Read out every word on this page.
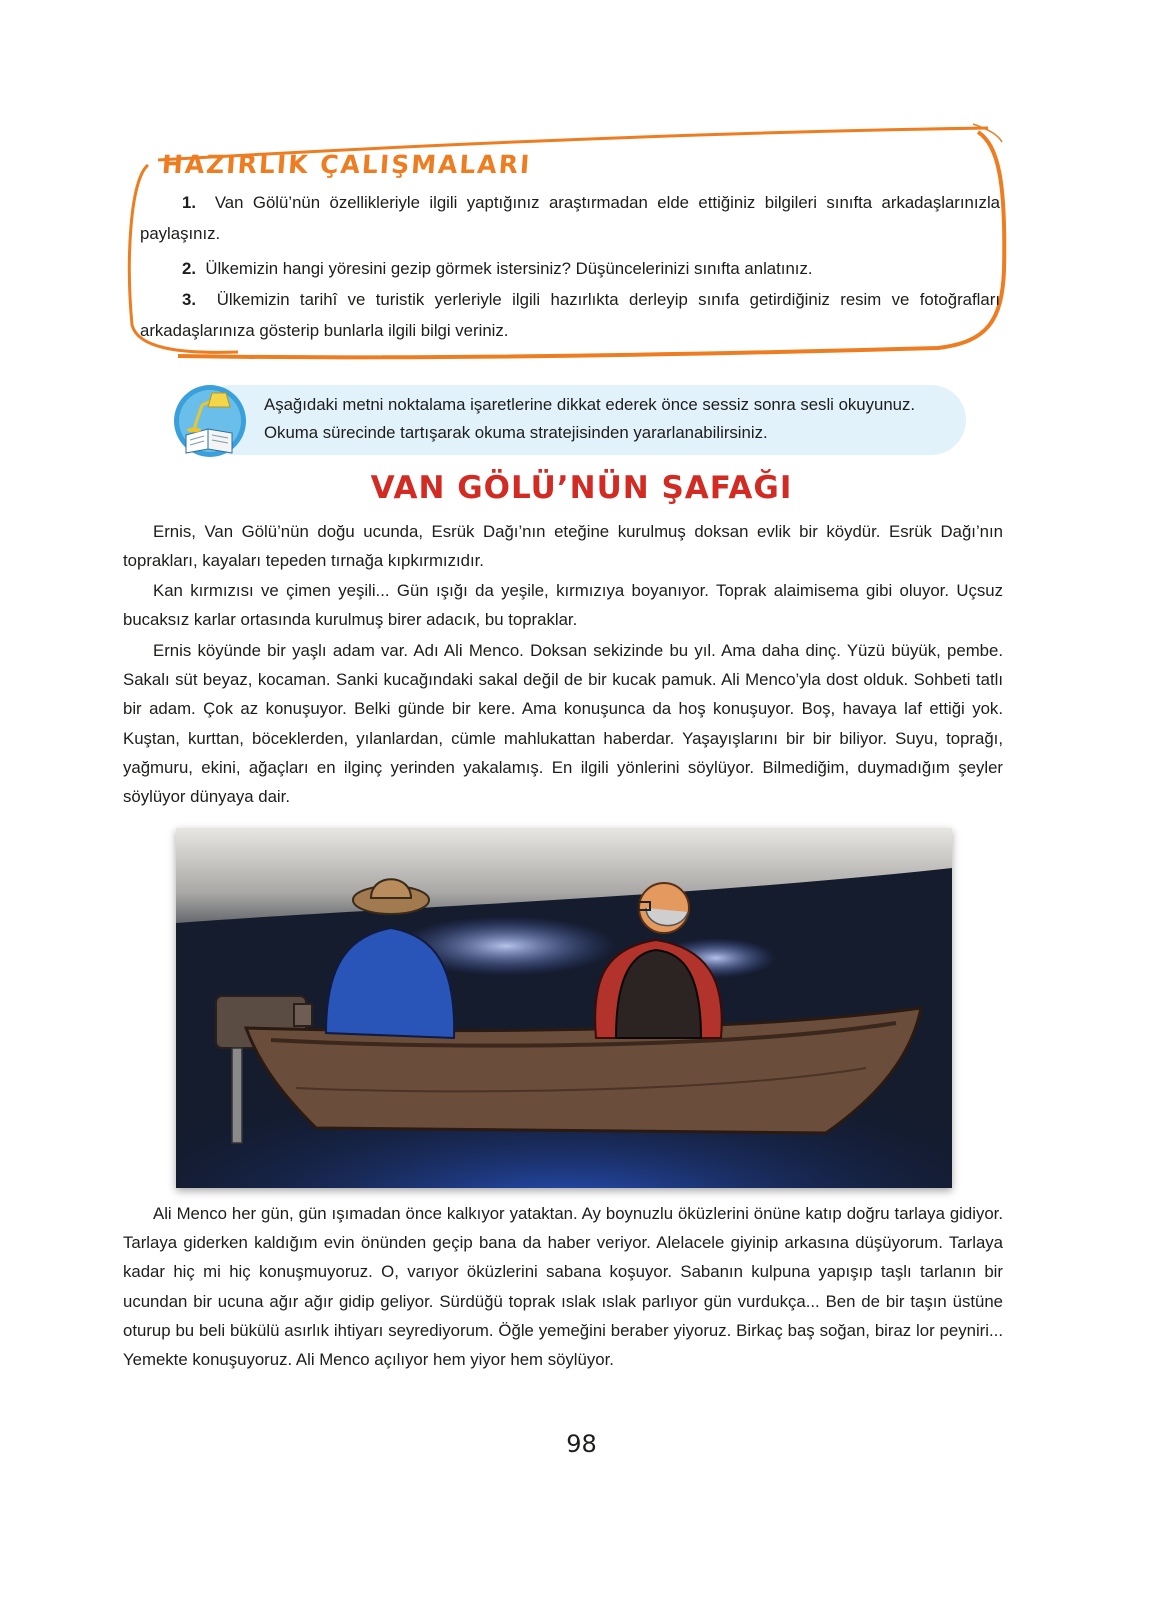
HAZIRLIK ÇALIŞMALARI
1. Van Gölü’nün özellikleriyle ilgili yaptığınız araştırmadan elde ettiğiniz bilgileri sınıfta arkadaşlarınızla paylaşınız.
2. Ülkemizin hangi yöresini gezip görmek istersiniz? Düşüncelerinizi sınıfta anlatınız.
3. Ülkemizin tarihî ve turistik yerleriyle ilgili hazırlıkta derleyip sınıfa getirdiğiniz resim ve fotoğrafları arkadaşlarınıza gösterip bunlarla ilgili bilgi veriniz.
Aşağıdaki metni noktalama işaretlerine dikkat ederek önce sessiz sonra sesli okuyunuz. Okuma sürecinde tartışarak okuma stratejisinden yararlanabilirsiniz.
VAN GÖLÜ’NÜN ŞAFAĞI
Ernis, Van Gölü’nün doğu ucunda, Esrük Dağı’nın eteğine kurulmuş doksan evlik bir köydür. Esrük Dağı’nın toprakları, kayaları tepeden tırnağa kıpkırmızıdır.
Kan kırmızısı ve çimen yeşili... Gün ışığı da yeşile, kırmızıya boyanıyor. Toprak alaimisema gibi oluyor. Uçsuz bucaksız karlar ortasında kurulmuş birer adacık, bu topraklar.
Ernis köyünde bir yaşlı adam var. Adı Ali Menco. Doksan sekizinde bu yıl. Ama daha dinç. Yüzü büyük, pembe. Sakalı süt beyaz, kocaman. Sanki kucağındaki sakal değil de bir kucak pamuk. Ali Menco’yla dost olduk. Sohbeti tatlı bir adam. Çok az konuşuyor. Belki günde bir kere. Ama konuşunca da hoş konuşuyor. Boş, havaya laf ettiği yok. Kuştan, kurttan, böceklerden, yılanlardan, cümle mahlukattan haberdar. Yaşayışlarını bir bir biliyor. Suyu, toprağı, yağmuru, ekini, ağaçları en ilginç yerinden yakalamış. En ilgili yönlerini söylüyor. Bilmediğim, duymadığım şeyler söylüyor dünyaya dair.
Ali Menco her gün, gün ışımadan önce kalkıyor yataktan. Ay boynuzlu öküzlerini önüne katıp doğru tarlaya gidiyor. Tarlaya giderken kaldığım evin önünden geçip bana da haber veriyor. Alelacele giyinip arkasına düşüyorum. Tarlaya kadar hiç mi hiç konuşmuyoruz. O, varıyor öküzlerini sabana koşuyor. Sabanın kulpuna yapışıp taşlı tarlanın bir ucundan bir ucuna ağır ağır gidip geliyor. Sürdüğü toprak ıslak ıslak parlıyor gün vurdukça... Ben de bir taşın üstüne oturup bu beli bükülü asırlık ihtiyarı seyrediyorum. Öğle yemeğini beraber yiyoruz. Birkaç baş soğan, biraz lor peyniri... Yemekte konuşuyoruz. Ali Menco açılıyor hem yiyor hem söylüyor.
98
